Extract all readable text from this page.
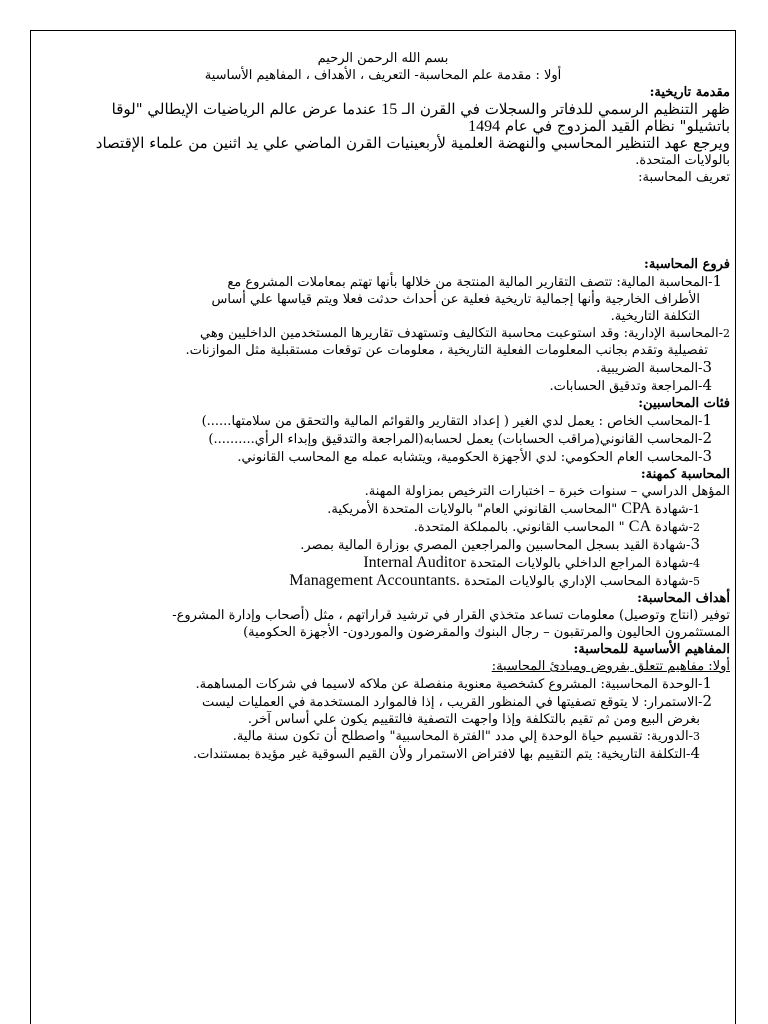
بسم الله الرحمن الرحيم

أولا : مقدمة علم المحاسبة- التعريف ، الأهداف ، المفاهيم الأساسية

مقدمة تاريخية:

ظهر التنظيم الرسمي للدفاتر والسجلات في القرن الـ 15 عندما عرض عالم الرياضيات الإيطالي "لوقا

باتشيلو" نظام القيد المزدوج في عام 1494

ويرجع عهد التنظير المحاسبي والنهضة العلمية لأربعينيات القرن الماضي علي يد اثنين من علماء الإقتصاد

بالولايات المتحدة.

تعريف المحاسبة:

فروع المحاسبة:

1-المحاسبة المالية: تتصف التقارير المالية المنتجة من خلالها بأنها تهتم بمعاملات المشروع مع

الأطراف الخارجية وأنها إجمالية تاريخية فعلية عن أحداث حدثت فعلا ويتم قياسها علي أساس

التكلفة التاريخية.

2-المحاسبة الإدارية: وقد استوعبت محاسبة التكاليف وتستهدف تقاريرها المستخدمين الداخليين وهي

تفصيلية وتقدم بجانب المعلومات الفعلية التاريخية ، معلومات عن توقعات مستقبلية مثل الموازنات.

3-المحاسبة الضريبية.

4-المراجعة وتدقيق الحسابات.

فئات المحاسبين:

1-المحاسب الخاص : يعمل لدي الغير ( إعداد التقارير والقوائم المالية والتحقق من سلامتها......)

2-المحاسب القانوني(مراقب الحسابات) يعمل لحسابه(المراجعة والتدقيق وإبداء الرأي..........)

3-المحاسب العام الحكومي: لدي الأجهزة الحكومية، ويتشابه عمله مع المحاسب القانوني.

المحاسبة كمهنة:

المؤهل الدراسي – سنوات خبرة – اختبارات الترخيص بمزاولة المهنة.

1-شهادة CPA "المحاسب القانوني العام" بالولايات المتحدة الأمريكية.

2-شهادة CA " المحاسب القانوني. بالمملكة المتحدة.

3-شهادة القيد بسجل المحاسبين والمراجعين المصري بوزارة المالية بمصر.

4-شهادة المراجع الداخلي بالولايات المتحدة Internal Auditor

5-شهادة المحاسب الإداري بالولايات المتحدة Management Accountants.

أهداف المحاسبة:

توفير (انتاج وتوصيل) معلومات تساعد متخذي القرار في ترشيد قراراتهم ، مثل (أصحاب وإدارة المشروع-

المستثمرون الحاليون والمرتقبون – رجال البنوك والمقرضون والموردون- الأجهزة الحكومية)

المفاهيم الأساسية للمحاسبة:

أولا: مفاهيم تتعلق بفروض ومبادئ المحاسبة:

1-الوحدة المحاسبية: المشروع كشخصية معنوية منفصلة عن ملاكه لاسيما في شركات المساهمة.

2-الاستمرار: لا يتوقع تصفيتها في المنظور القريب ، إذا فالموارد المستخدمة في العمليات ليست

بغرض البيع ومن ثم تقيم بالتكلفة وإذا واجهت التصفية فالتقييم يكون علي أساس آخر.

3-الدورية: تقسيم حياة الوحدة إلي مدد "الفترة المحاسبية" واصطلح أن تكون سنة مالية.

4-التكلفة التاريخية: يتم التقييم بها لافتراض الاستمرار ولأن القيم السوقية غير مؤيدة بمستندات.
